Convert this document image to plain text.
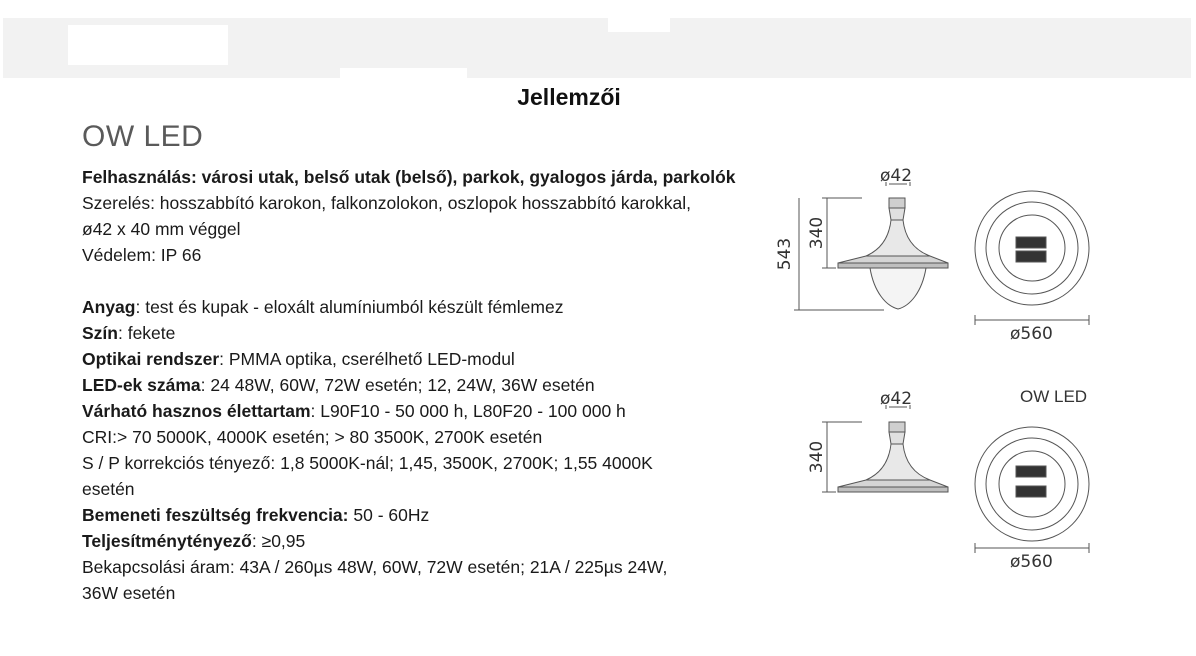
Jellemzői
OW LED

Felhasználás: városi utak, belső utak (belső), parkok, gyalogos járda, parkolók

Szerelés: hosszabbító karokon, falkonzolokon, oszlopok hosszabbító karokkal,

ø42 x 40 mm véggel

Védelem: IP 66

Anyag: test és kupak - eloxált alumíniumból készült fémlemez

Szín: fekete

Optikai rendszer: PMMA optika, cserélhető LED-modul

LED-ek száma: 24 48W, 60W, 72W esetén; 12, 24W, 36W esetén

Várható hasznos élettartam: L90F10 - 50 000 h, L80F20 - 100 000 h

CRI:> 70 5000K, 4000K esetén; > 80 3500K, 2700K esetén

S / P korrekciós tényező: 1,8 5000K-nál; 1,45, 3500K, 2700K; 1,55 4000K

esetén

Bemeneti feszültség frekvencia: 50 - 60Hz

Teljesítménytényező: ≥0,95

Bekapcsolási áram: 43A / 260µs 48W, 60W, 72W esetén; 21A / 225µs 24W,

36W esetén

OW LED
ø42
543
340
ø560
ø42
340
ø560
